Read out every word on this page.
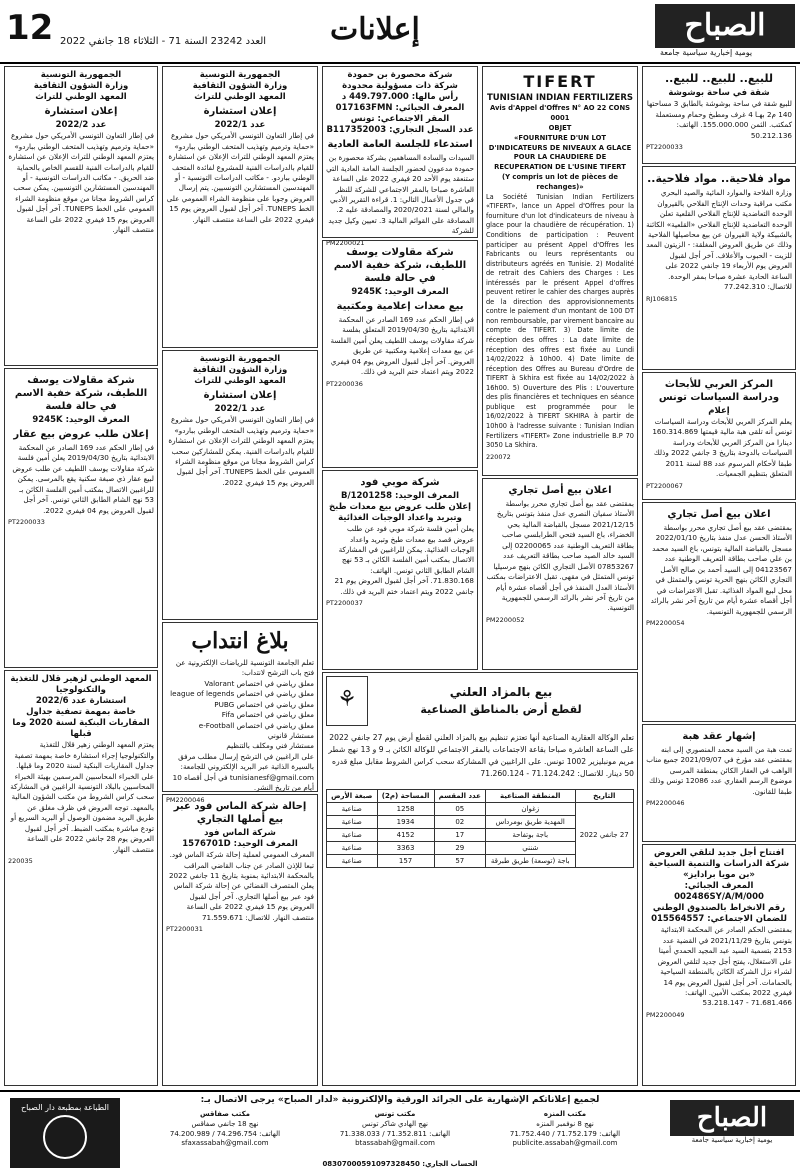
12 العدد 23242 السنة 71 - الثلاثاء 18 جانفي 2022 إعلانات	الصباح
يومية إخبارية سياسية جامعة
للبيع.. للبيع.. للبيع..
شقة في ساحة بوشوشة
للبيع شقة في ساحة بوشوشة بالطابق 3 مساحتها 140 م2 بهـا 4 غرف ومطبخ وحمام ومستعملة كمكتب. الثمن 155.000.000. الهاتف: 50.212.136
PT2200033
مواد فلاحية.. مواد فلاحية..
وزارة الفلاحة والموارد المائية والصيد البحري مكتب مراقبة وحدات الإنتاج الفلاحي بالقيروان الوحدة التعاضدية للإنتاج الفلاحي القلعية تعلن الوحدة التعاضدية للإنتاج الفلاحي «القلعية» الكائنة بالشبيكة ولاية القيروان عن بيع محاصيلها الفلاحية وذلك عن طريق العروض المغلقة: - الزيتون المعد للزيت - الحبوب والأعلاف. آخر أجل لقبول العروض يوم الأربعاء 19 جانفي 2022 على الساعة الحادية عشرة صباحا بمقر الوحدة. للاتصال: 77.242.310
RJ106815
المركز العربي للأبحاث ودراسة السياسات تونس
إعلام
يعلم المركز العربي للأبحاث ودراسة السياسات تونس أنه تلقى هبة مالية قيمتها 160.314.869 دينارا من المركز العربي للأبحاث ودراسة السياسات بالدوحة بتاريخ 3 جانفي 2022 وذلك طبقا لأحكام المرسوم عدد 88 لسنة 2011 المتعلق بتنظيم الجمعيات.
PT2200067
اعلان بيع أصل تجاري
بمقتضى عقد بيع أصل تجاري محرر بواسطة الأستاذ الحسن عدل منفذ بتاريخ 2022/01/10 مسجل بالقباضة المالية بتونس، باع السيد محمد بن علي صاحب بطاقة التعريف الوطنية عدد 04123567 إلى السيد أحمد بن صالح الأصل التجاري الكائن بنهج الحرية تونس والمتمثل في محل لبيع المواد الغذائية. تقبل الاعتراضات في أجل أقصاه عشرة أيام من تاريخ آخر نشر بالرائد الرسمي للجمهورية التونسية.
PM2200054
إشهار عقد هبة
تمت هبة من السيد محمد المنصوري إلى ابنه بمقتضى عقد مؤرخ في 2021/09/07 جميع مناب الواهب في العقار الكائن بمنطقة المرسى موضوع الرسم العقاري عدد 12086 تونس وذلك طبقا للقانون.
PM2200046
افتتاح أجل جديد لتلقي العروض
شركة الدراسات والتنمية السياحية «بن مويا برادايز»
المعرف الجبائي: 002486SY/A/M/000
رقم الانخراط بالصندوق الوطني للضمان الاجتماعي: 015564557
بمقتضى الحكم الصادر عن المحكمة الابتدائية بتونس بتاريخ 2021/11/29 في القضية عدد 2153 بتسمية السيد عبد المجيد الحمدي أمينا على الاستغلال، يفتح أجل جديد لتلقي العروض لشراء نزل الشركة الكائن بالمنطقة السياحية بالحمامات. آخر أجل لقبول العروض يوم 14 فيفري 2022 بمكتب الأمين. الهاتف: 71.681.466 - 53.218.147
PM2200049
TIFERT
TUNISIAN INDIAN FERTILIZERS
Avis d'Appel d'Offres N° AO 22 CONS 0001
OBJET
«FOURNITURE D'UN LOT D'INDICATEURS DE NIVEAUX A GLACE POUR LA CHAUDIERE DE RECUPERATION DE L'USINE TIFERT
(Y compris un lot de pièces de rechanges)»
La Société Tunisian Indian Fertilizers «TIFERT», lance un Appel d'Offres pour la fourniture d'un lot d'indicateurs de niveau à glace pour la chaudière de récupération. 1) Conditions de participation : Peuvent participer au présent Appel d'Offres les Fabricants ou leurs représentants ou distributeurs agréés en Tunisie. 2) Modalité de retrait des Cahiers des Charges : Les intéressés par le présent Appel d'offres peuvent retirer le cahier des charges auprès de la direction des approvisionnements contre le paiement d'un montant de 100 DT non remboursable, par virement bancaire au compte de TIFERT. 3) Date limite de réception des offres : La date limite de réception des offres est fixée au Lundi 14/02/2022 à 10h00. 4) Date limite de réception des Offres au Bureau d'Ordre de TIFERT à Skhira est fixée au 14/02/2022 à 16h00. 5) Ouverture des Plis : L'ouverture des plis financières et techniques en séance publique est programmée pour le 16/02/2022 à TIFERT SKHIRA à partir de 10h00 à l'adresse suivante : Tunisian Indian Fertilizers «TIFERT» Zone industrielle B.P 70 3050 La Skhira.
220072
اعلان بيع أصل تجاري
بمقتضى عقد بيع أصل تجاري محرر بواسطة الأستاذ سفيان النصري عدل منفذ بتونس بتاريخ 2021/12/15 مسجل بالقباضة المالية بحي الخضراء، باع السيد فتحي الطرابلسي صاحب بطاقة التعريف الوطنية عدد 02200065 إلى السيد خالد الصيد صاحب بطاقة التعريف عدد 07853267 الأصل التجاري الكائن بنهج مرسيليا تونس المتمثل في مقهى. تقبل الاعتراضات بمكتب الأستاذ العدل المنفذ في أجل أقصاه عشرة أيام من تاريخ آخر نشر بالرائد الرسمي للجمهورية التونسية.
PM2200052
شركة محصورة بن حمودة
شركة ذات مسؤولية محدودة
رأس مالها: 449.797.000 د
المعرف الجبائي: 017163FMN
المقر الاجتماعي: تونس
عدد السجل التجاري: B117352003
استدعاء للجلسة العامة العادية
السيدات والسادة المساهمين بشركة محصورة بن حمودة مدعوون لحضور الجلسة العامة العادية التي ستنعقد يوم الأحد 20 فيفري 2022 على الساعة العاشرة صباحا بالمقر الاجتماعي للشركة للنظر في جدول الأعمال التالي: 1. قراءة التقرير الأدبي والمالي لسنة 2020/2021 والمصادقة عليه 2. المصادقة على القوائم المالية 3. تعيين وكيل جديد للشركة
PM2200021
شركة مقاولات يوسف اللطيف، شركة خفية الاسم في حالة فلسة
المعرف الوحيد: 9245K
بيع معدات إعلامية ومكتبية
في إطار الحكم عدد 169 الصادر عن المحكمة الابتدائية بتاريخ 2019/04/30 المتعلق بفلسة شركة مقاولات يوسف اللطيف يعلن أمين الفلسة عن بيع معدات إعلامية ومكتبية عن طريق العروض. آخر أجل لقبول العروض يوم 04 فيفري 2022 ويتم اعتماد ختم البريد في ذلك.
PT2200036
شركة موبي فود
المعرف الوحيد: 1201258/B
إعلان طلب عروض بيع معدات طبخ وتبريد واعداد الوجبات الغذائية
يعلن أمين فلسة شركة موبي فود عن طلب عروض قصد بيع معدات طبخ وتبريد واعداد الوجبات الغذائية. يمكن للراغبين في المشاركة الاتصال بمكتب أمين الفلسة الكائن بـ 53 نهج الشام الطابق الثاني تونس. الهاتف: 71.830.168. آخر أجل لقبول العروض يوم 21 جانفي 2022 ويتم اعتماد ختم البريد في ذلك.
PT2200037
الجمهورية التونسية
وزارة الشؤون الثقافية
المعهد الوطني للتراث
إعلان استشارة
عدد 2022/1
في إطار التعاون التونسي الأمريكي حول مشروع «حماية وترميم وتهذيب المتحف الوطني بباردو» يعتزم المعهد الوطني للتراث الإعلان عن استشارة للقيام بالدراسات الفنية للمشروع لفائدة المتحف الوطني بباردو. - مكاتب الدراسات التونسية - أو المهندسين المستشارين التونسيين. يتم إرسال العروض وجوبا على منظومة الشراء العمومي على الخط TUNEPS. آخر أجل لقبول العروض يوم 15 فيفري 2022 على الساعة منتصف النهار.
الجمهورية التونسية
وزارة الشؤون الثقافية
المعهد الوطني للتراث
إعلان استشارة
عدد 2022/1
في إطار التعاون التونسي الأمريكي حول مشروع «حماية وترميم وتهذيب المتحف الوطني بباردو» يعتزم المعهد الوطني للتراث الإعلان عن استشارة للقيام بالدراسات الفنية. يمكن للمشاركين سحب كراس الشروط مجانا من موقع منظومة الشراء العمومي على الخط TUNEPS. آخر أجل لقبول العروض يوم 15 فيفري 2022.
بلاغ انتداب
تعلم الجامعة التونسية للرياضات الإلكترونية عن فتح باب الترشح لانتداب:
معلق رياضي في اختصاص Valorant
معلق رياضي في اختصاص league of legends
معلق رياضي في اختصاص PUBG
معلق رياضي في اختصاص Fifa
معلق رياضي في اختصاص e-Football
مستشار قانوني
مستشار فني ومكلف بالتنظيم
على الراغبين في الترشح إرسال مطلب مرفق بالسيرة الذاتية عبر البريد الإلكتروني للجامعة: tunisianesf@gmail.com في أجل أقصاه 10 أيام من تاريخ النشر.
PM2200046
بيع بالمزاد العلني
لقطع أرض بالمناطق الصناعية
⚘
تعلم الوكالة العقارية الصناعية أنها تعتزم تنظيم بيع بالمزاد العلني لقطع أرض يوم 27 جانفي 2022 على الساعة العاشرة صباحا بقاعة الاجتماعات بالمقر الاجتماعي للوكالة الكائن بـ 9 و 13 نهج شطر مريم مونبليزير 1002 تونس. على الراغبين في المشاركة سحب كراس الشروط مقابل مبلغ قدره 50 دينار. للاتصال: 71.124.242 - 71.260.124
التاريخ	المنطقة الصناعية	عدد المقسم	المساحة (م2)	صبغة الأرض
27 جانفي 2022	زغوان	05	1258	صناعية
	المهدية طريق بومرداس	02	1934	صناعية
	باجة بوتفاحة	17	4152	صناعية
	شنني	29	3363	صناعية
	باجة (توسعة) طريق طبرقة	57	157	صناعية
إحالة شركة الماس فود عبر بيع أصلها التجاري
شركة الماس فود
المعرف الوحيد: 1576701D
المعرف العمومي لعملية إحالة شركة الماس فود. تبعا للإذن الصادر عن جناب القاضي المراقب بالمحكمة الابتدائية بمنوبة بتاريخ 11 جانفي 2022 يعلن المتصرف القضائي عن إحالة شركة الماس فود عبر بيع أصلها التجاري. آخر أجل لقبول العروض يوم 15 فيفري 2022 على الساعة منتصف النهار. للاتصال: 71.559.671
PT2200031
الجمهورية التونسية
وزارة الشؤون الثقافية
المعهد الوطني للتراث
إعلان استشارة
عدد 2022/2
في إطار التعاون التونسي الأمريكي حول مشروع «حماية وترميم وتهذيب المتحف الوطني بباردو» يعتزم المعهد الوطني للتراث الإعلان عن استشارة للقيام بالدراسات الفنية للقسم الخاص بالحماية ضد الحريق. - مكاتب الدراسات التونسية - أو المهندسين المستشارين التونسيين. يمكن سحب كراس الشروط مجانا من موقع منظومة الشراء العمومي على الخط TUNEPS. آخر أجل لقبول العروض يوم 15 فيفري 2022 على الساعة منتصف النهار.
شركة مقاولات يوسف اللطيف، شركة خفية الاسم في حالة فلسة
المعرف الوحيد: 9245K
إعلان طلب عروض بيع عقار
في إطار الحكم عدد 169 الصادر عن المحكمة الابتدائية بتاريخ 2019/04/30 يعلن أمين فلسة شركة مقاولات يوسف اللطيف عن طلب عروض لبيع عقار ذي صبغة سكنية يقع بالمرسى. يمكن للراغبين الاتصال بمكتب أمين الفلسة الكائن بـ 53 نهج الشام الطابق الثاني تونس. آخر أجل لقبول العروض يوم 04 فيفري 2022.
PT2200033
المعهد الوطني لزهير قلال للتغذية والتكنولوجيا
استشارة عدد 2022/6
خاصة بمهمة تصفية جداول
المقاربات البنكية لسنة 2020 وما قبلها
يعتزم المعهد الوطني زهير قلال للتغذية والتكنولوجيا إجراء استشارة خاصة بمهمة تصفية جداول المقاربات البنكية لسنة 2020 وما قبلها. على الخبراء المحاسبين المرسمين بهيئة الخبراء المحاسبين بالبلاد التونسية الراغبين في المشاركة سحب كراس الشروط من مكتب الشؤون المالية بالمعهد. توجه العروض في ظرف مغلق عن طريق البريد مضمون الوصول أو البريد السريع أو تودع مباشرة بمكتب الضبط. آخر أجل لقبول العروض يوم 28 جانفي 2022 على الساعة منتصف النهار.
220035
لجميع إعلاناتكم الإشهارية على الجرائد الورقية والإلكترونية «لدار الصباح» يرجى الاتصال بـ:
مكتب المنزه
نهج 8 نوفمبر المنزه
الهاتف: 71.752.179 / 71.752.440
publicite.assabah@gmail.com
مكتب تونس
نهج الهادي شاكر تونس
الهاتف: 71.352.811 / 71.338.033
btassabah@gmail.com
مكتب صفاقس
نهج 18 جانفي صفاقس
الهاتف: 74.296.754 / 74.200.989
sfaxassabah@gmail.com
الحساب الجاري: 08307000591097328450
الطباعة بمطبعة دار الصباح	الصباح
يومية إخبارية سياسية جامعة
